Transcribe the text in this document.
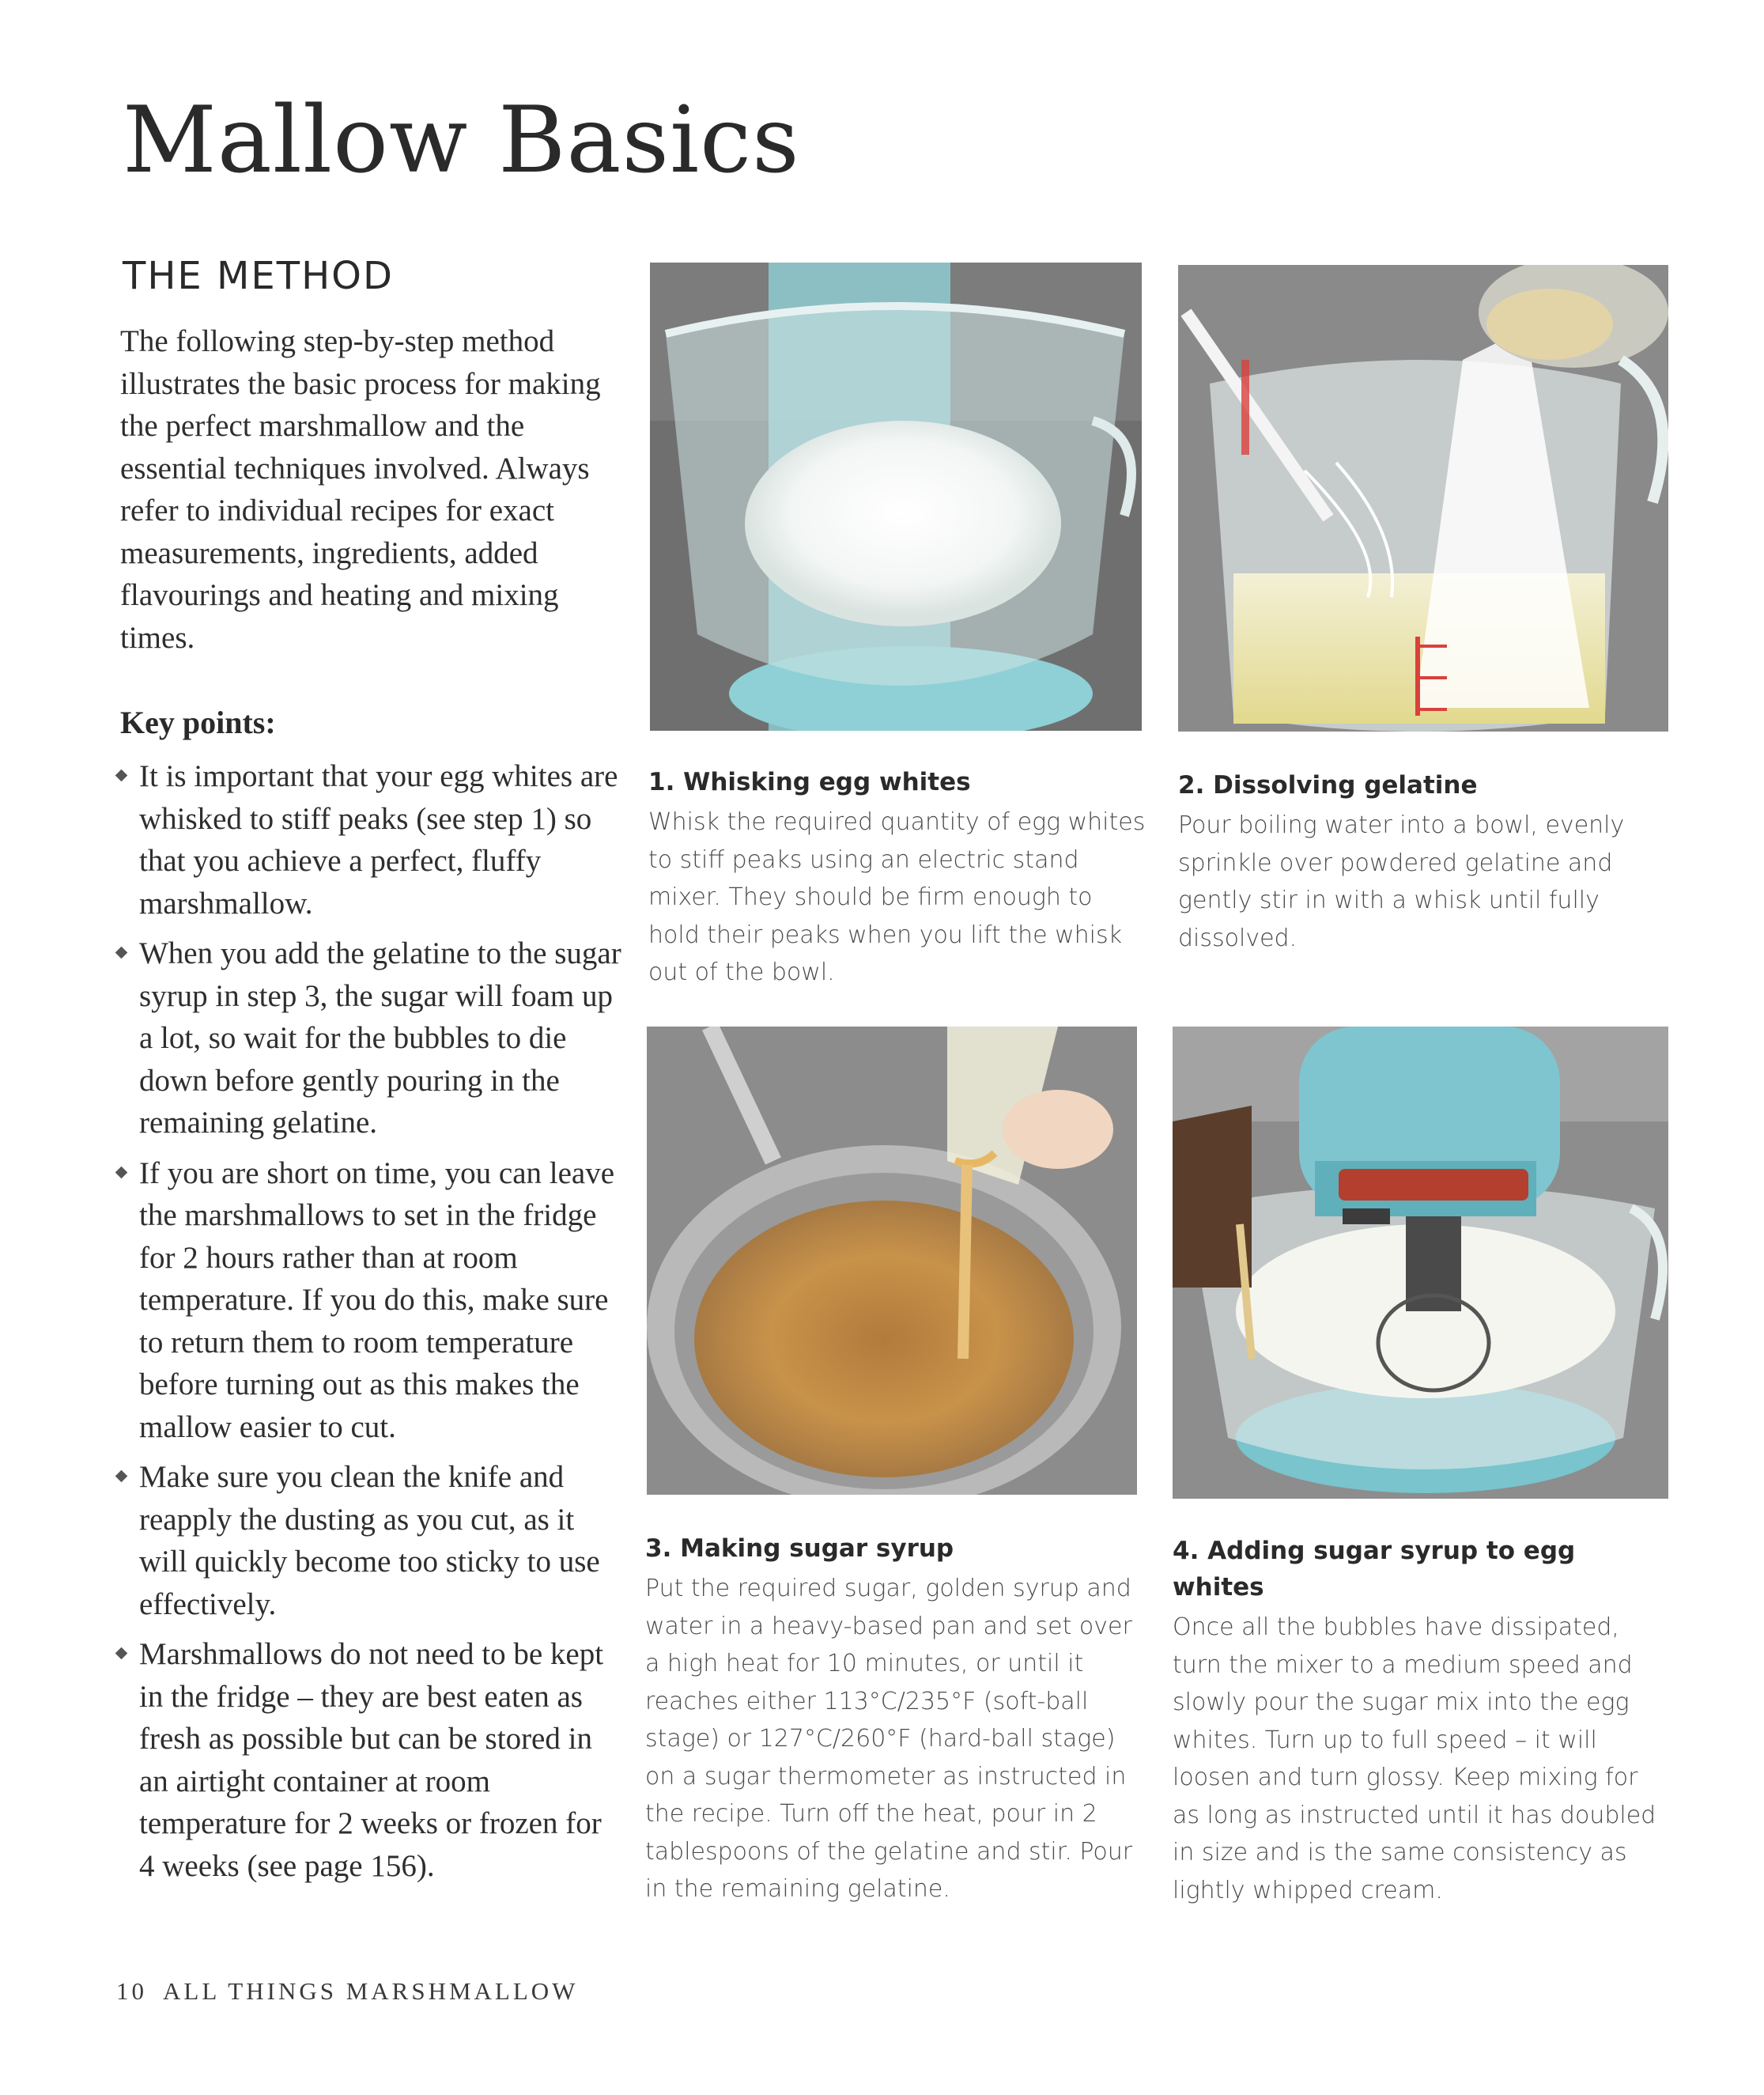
Mallow Basics
THE METHOD

The following step-by-step method illustrates the basic process for making the perfect marshmallow and the essential techniques involved. Always refer to individual recipes for exact measurements, ingredients, added flavourings and heating and mixing times.

Key points:
It is important that your egg whites are whisked to stiff peaks (see step 1) so that you achieve a perfect, fluffy marshmallow.
When you add the gelatine to the sugar syrup in step 3, the sugar will foam up a lot, so wait for the bubbles to die down before gently pouring in the remaining gelatine.
If you are short on time, you can leave the marshmallows to set in the fridge for 2 hours rather than at room temperature. If you do this, make sure to return them to room temperature before turning out as this makes the mallow easier to cut.
Make sure you clean the knife and reapply the dusting as you cut, as it will quickly become too sticky to use effectively.
Marshmallows do not need to be kept in the fridge – they are best eaten as fresh as possible but can be stored in an airtight container at room temperature for 2 weeks or frozen for 4 weeks (see page 156).

1. Whisking egg whites

Whisk the required quantity of egg whites to stiff peaks using an electric stand mixer. They should be firm enough to hold their peaks when you lift the whisk out of the bowl.

2. Dissolving gelatine

Pour boiling water into a bowl, evenly sprinkle over powdered gelatine and gently stir in with a whisk until fully dissolved.

3. Making sugar syrup

Put the required sugar, golden syrup and water in a heavy-based pan and set over a high heat for 10 minutes, or until it reaches either 113°C/235°F (soft-ball stage) or 127°C/260°F (hard-ball stage) on a sugar thermometer as instructed in the recipe. Turn off the heat, pour in 2 tablespoons of the gelatine and stir. Pour in the remaining gelatine.

4. Adding sugar syrup to egg whites

Once all the bubbles have dissipated, turn the mixer to a medium speed and slowly pour the sugar mix into the egg whites. Turn up to full speed – it will loosen and turn glossy. Keep mixing for as long as instructed until it has doubled in size and is the same consistency as lightly whipped cream.

10 ALL THINGS MARSHMALLOW
